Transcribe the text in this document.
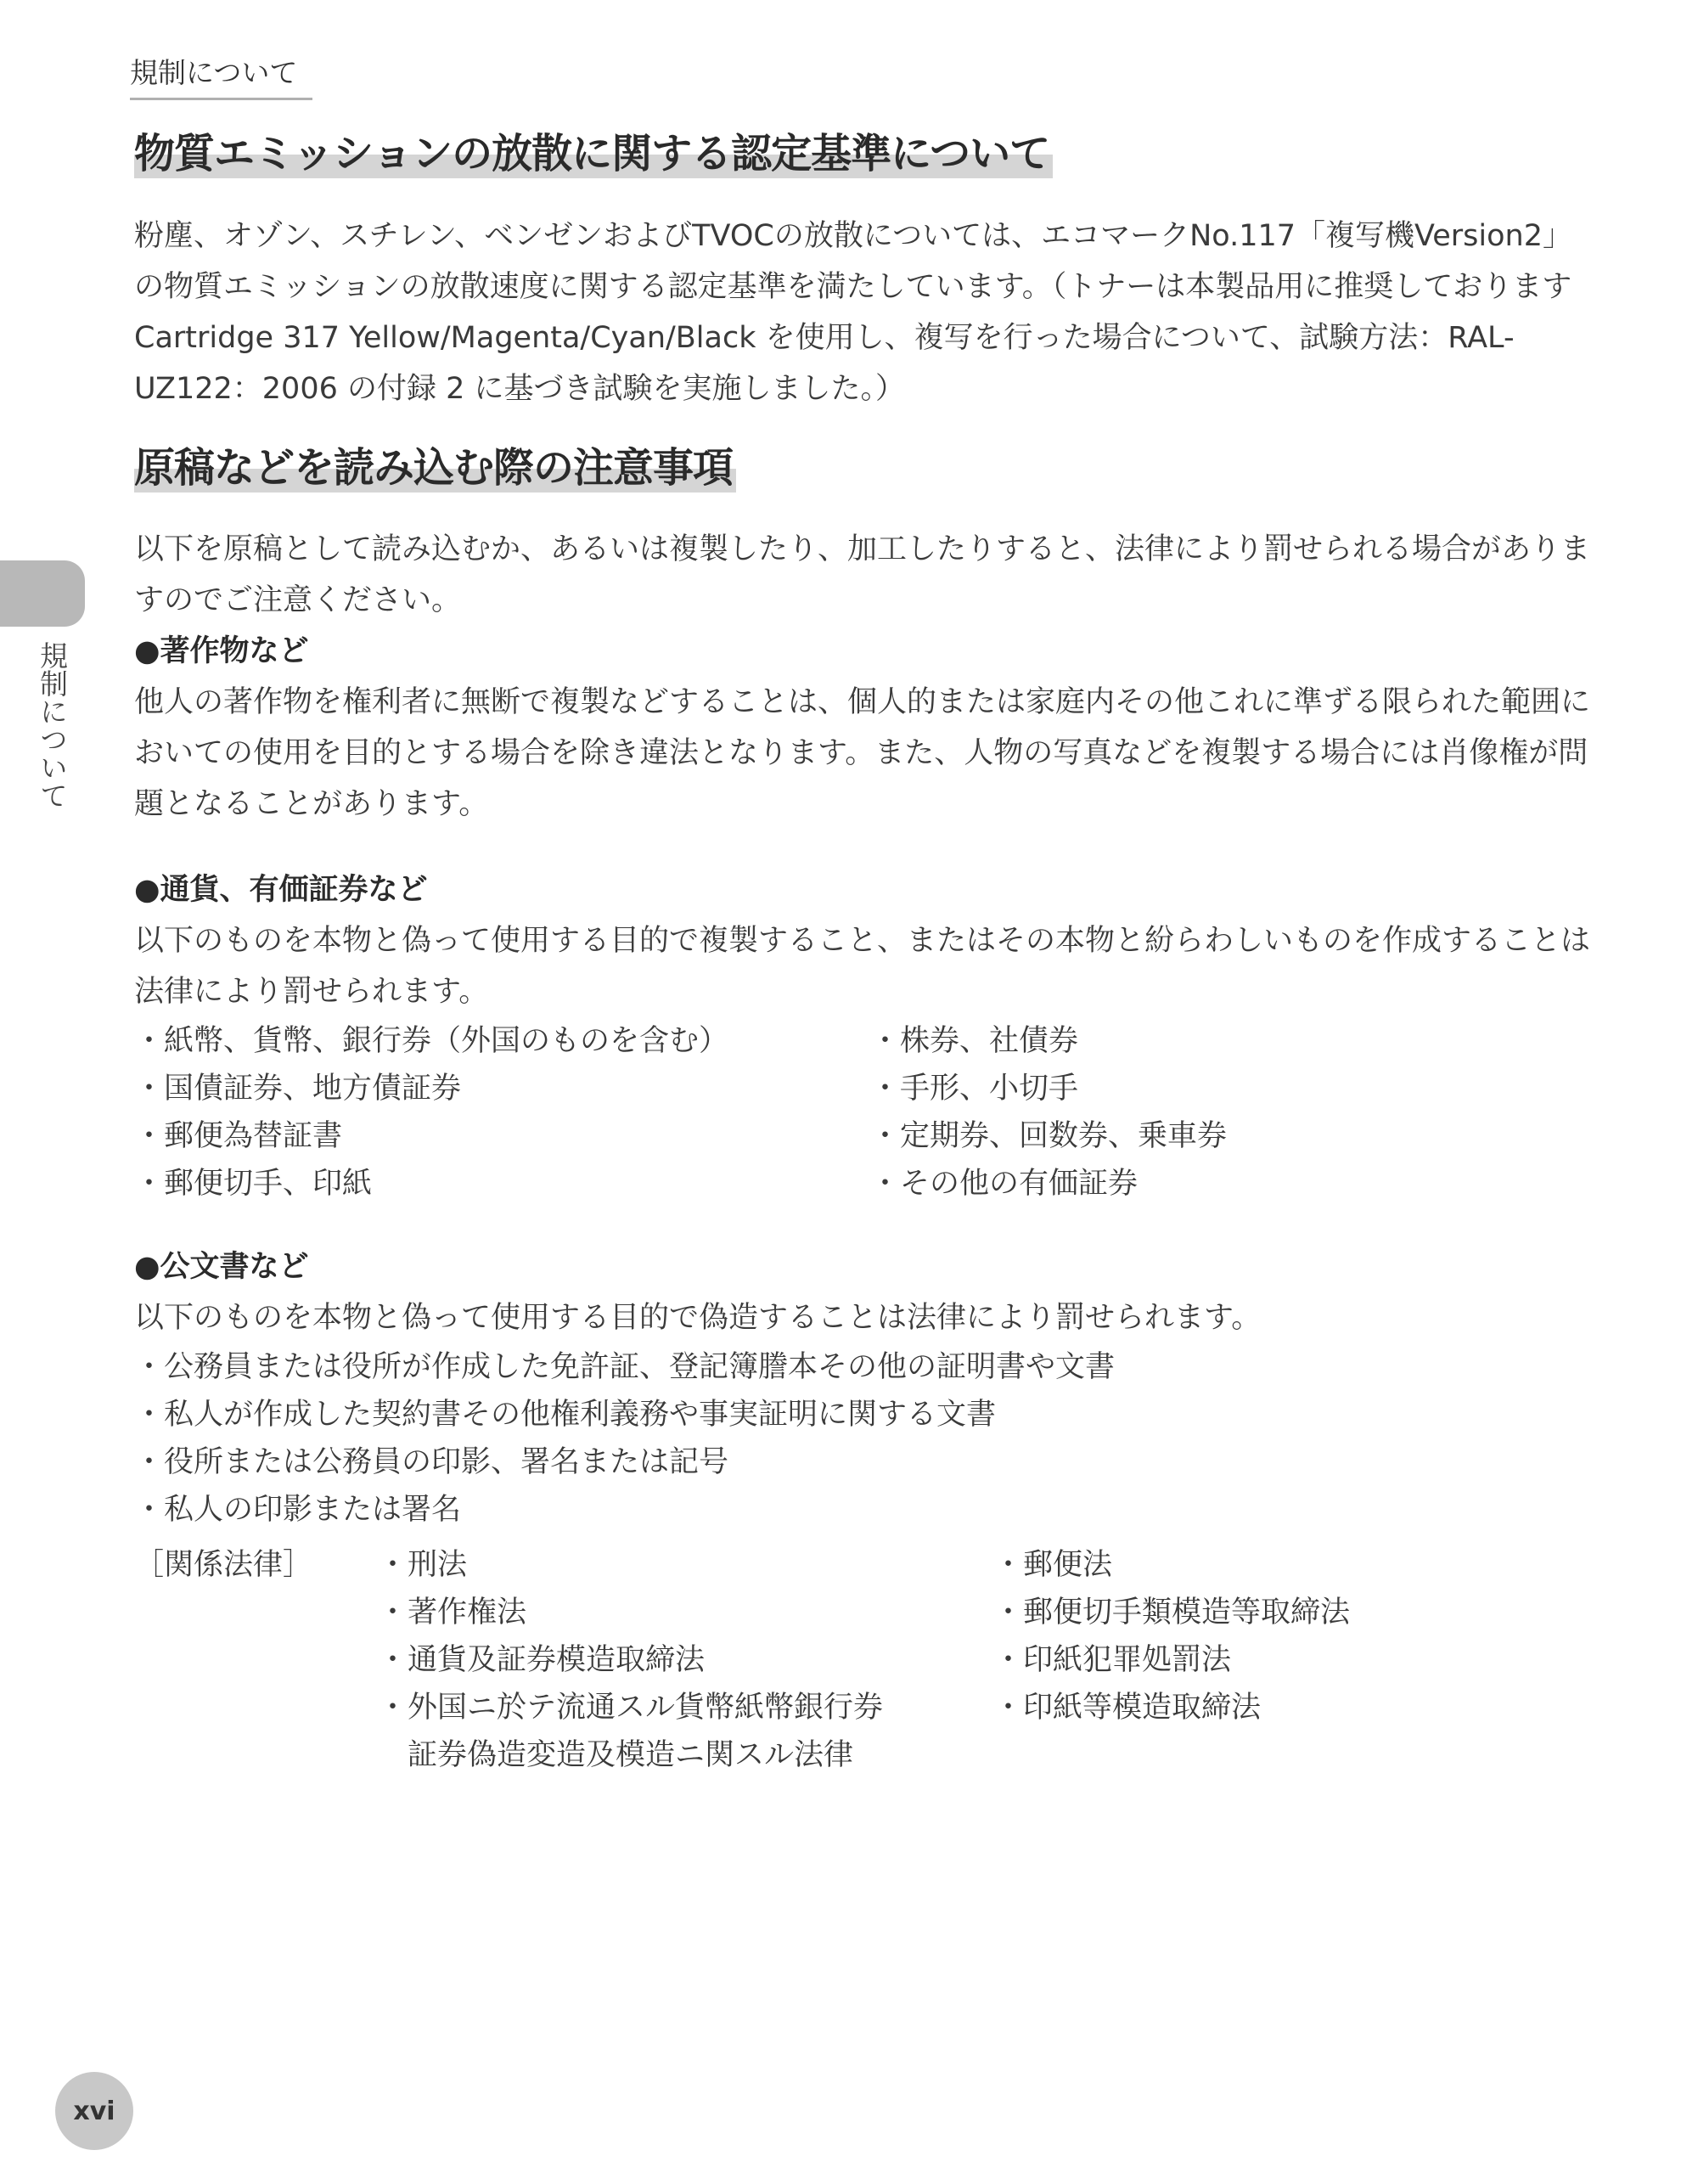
規制について
物質エミッションの放散に関する認定基準について
粉塵、オゾン、スチレン、ベンゼンおよびTVOCの放散については、エコマークNo.117「複写機Version2」の物質エミッションの放散速度に関する認定基準を満たしています。（トナーは本製品用に推奨しております Cartridge 317 Yellow/Magenta/Cyan/Black を使用し、複写を行った場合について、試験方法：RAL-UZ122：2006 の付録 2 に基づき試験を実施しました。）
原稿などを読み込む際の注意事項
以下を原稿として読み込むか、あるいは複製したり、加工したりすると、法律により罰せられる場合がありますのでご注意ください。
●著作物など
他人の著作物を権利者に無断で複製などすることは、個人的または家庭内その他これに準ずる限られた範囲においての使用を目的とする場合を除き違法となります。また、人物の写真などを複製する場合には肖像権が問題となることがあります。
●通貨、有価証券など
以下のものを本物と偽って使用する目的で複製すること、またはその本物と紛らわしいものを作成することは法律により罰せられます。
・紙幣、貨幣、銀行券（外国のものを含む）
・国債証券、地方債証券
・郵便為替証書
・郵便切手、印紙
・株券、社債券
・手形、小切手
・定期券、回数券、乗車券
・その他の有価証券
●公文書など
以下のものを本物と偽って使用する目的で偽造することは法律により罰せられます。
・公務員または役所が作成した免許証、登記簿謄本その他の証明書や文書
・私人が作成した契約書その他権利義務や事実証明に関する文書
・役所または公務員の印影、署名または記号
・私人の印影または署名
［関係法律］ ・刑法
・著作権法
・通貨及証券模造取締法
・外国ニ於テ流通スル貨幣紙幣銀行券
　証券偽造変造及模造ニ関スル法律
・郵便法
・郵便切手類模造等取締法
・印紙犯罪処罰法
・印紙等模造取締法
規制について
xvi
